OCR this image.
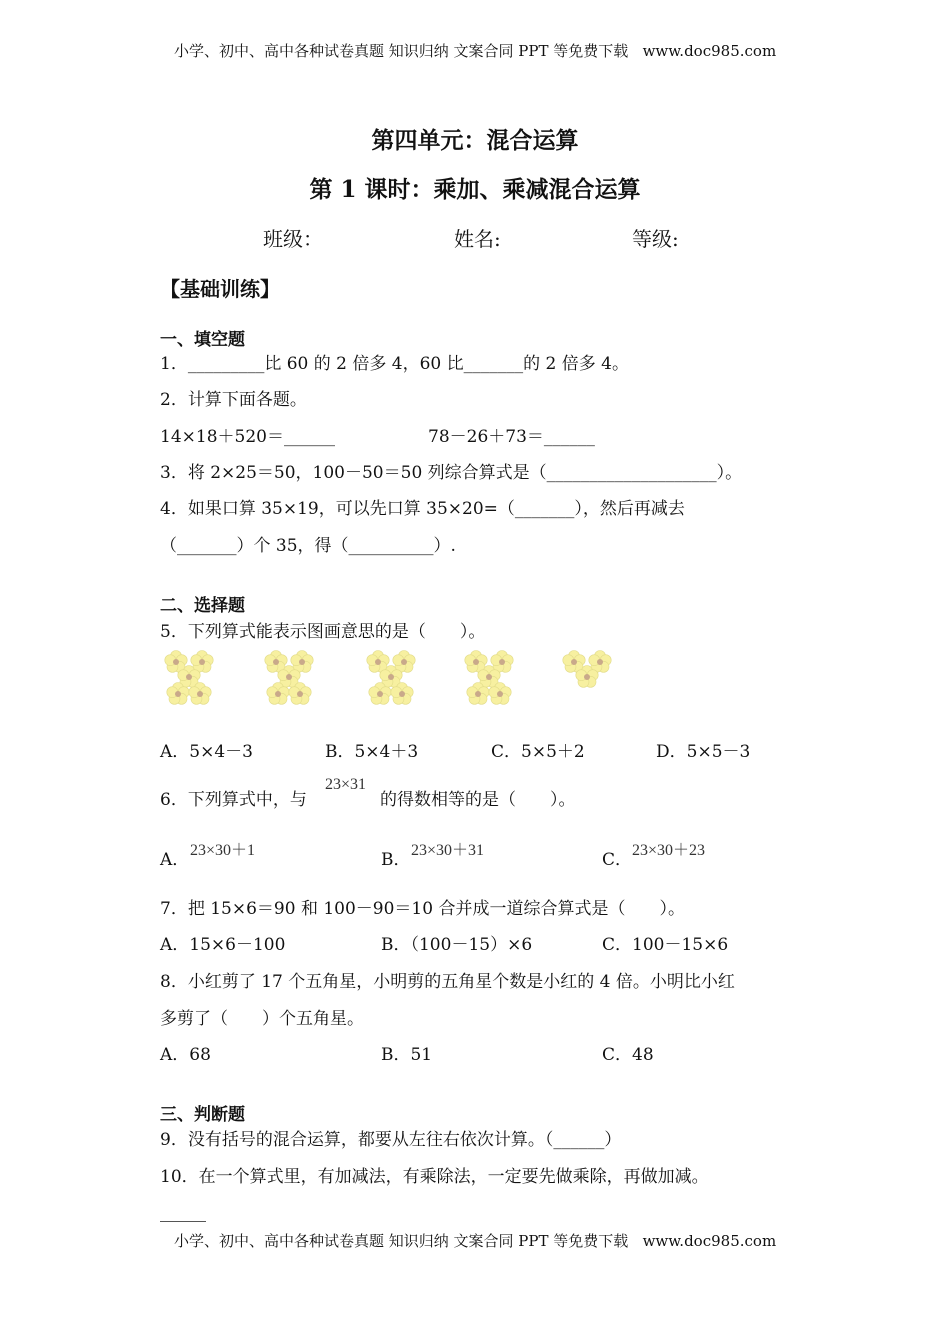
小学、初中、高中各种试卷真题 知识归纳 文案合同 PPT 等免费下载   www.doc985.com
第四单元：混合运算
第 1 课时：乘加、乘减混合运算
班级：	姓名:	等级:
【基础训练】
一、填空题
1．_________比 60 的 2 倍多 4，60 比_______的 2 倍多 4。
2．计算下面各题。
14×18＋520＝______	78－26＋73＝______
3．将 2×25＝50，100－50＝50 列综合算式是（____________________）。
4．如果口算 35×19，可以先口算 35×20=（_______），然后再减去
（_______）个 35，得（__________）.
二、选择题
5．下列算式能表示图画意思的是（　　）。
A．5×4－3	B．5×4＋3	C．5×5＋2	D．5×5－3
6．下列算式中，与
23×31
的得数相等的是（　　）。
A． 23×30＋1	B． 23×30＋31	C． 23×30＋23
7．把 15×6＝90 和 100－90＝10 合并成一道综合算式是（　　）。
A．15×6－100	B．（100－15）×6	C．100－15×6
8．小红剪了 17 个五角星，小明剪的五角星个数是小红的 4 倍。小明比小红
多剪了（　　）个五角星。
A．68	B．51	C．48
三、判断题
9．没有括号的混合运算，都要从左往右依次计算。（______）
10．在一个算式里，有加减法，有乘除法，一定要先做乘除，再做加减。
小学、初中、高中各种试卷真题 知识归纳 文案合同 PPT 等免费下载   www.doc985.com
